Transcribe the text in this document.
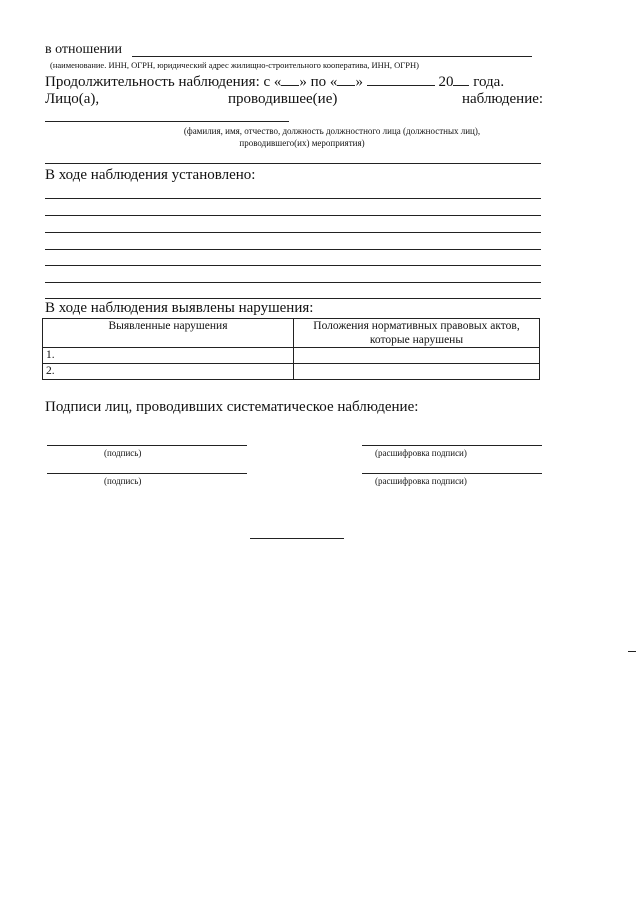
в отношении
(наименование. ИНН, ОГРН, юридический адрес жилищно-строительного кооператива, ИНН, ОГРН)
Продолжительность наблюдения: с « » по « »	20 года.
Лицо(а),	проводившее(ие)	наблюдение:
(фамилия, имя, отчество, должность должностного лица (должностных лиц),
проводившего(их) мероприятия)
В ходе наблюдения установлено:
В ходе наблюдения выявлены нарушения:
Выявленные нарушения	Положения нормативных правовых актов,
которые нарушены
1.	
2.	
Подписи лиц, проводивших систематическое наблюдение:
(подпись)	(расшифровка подписи)
(подпись)	(расшифровка подписи)
